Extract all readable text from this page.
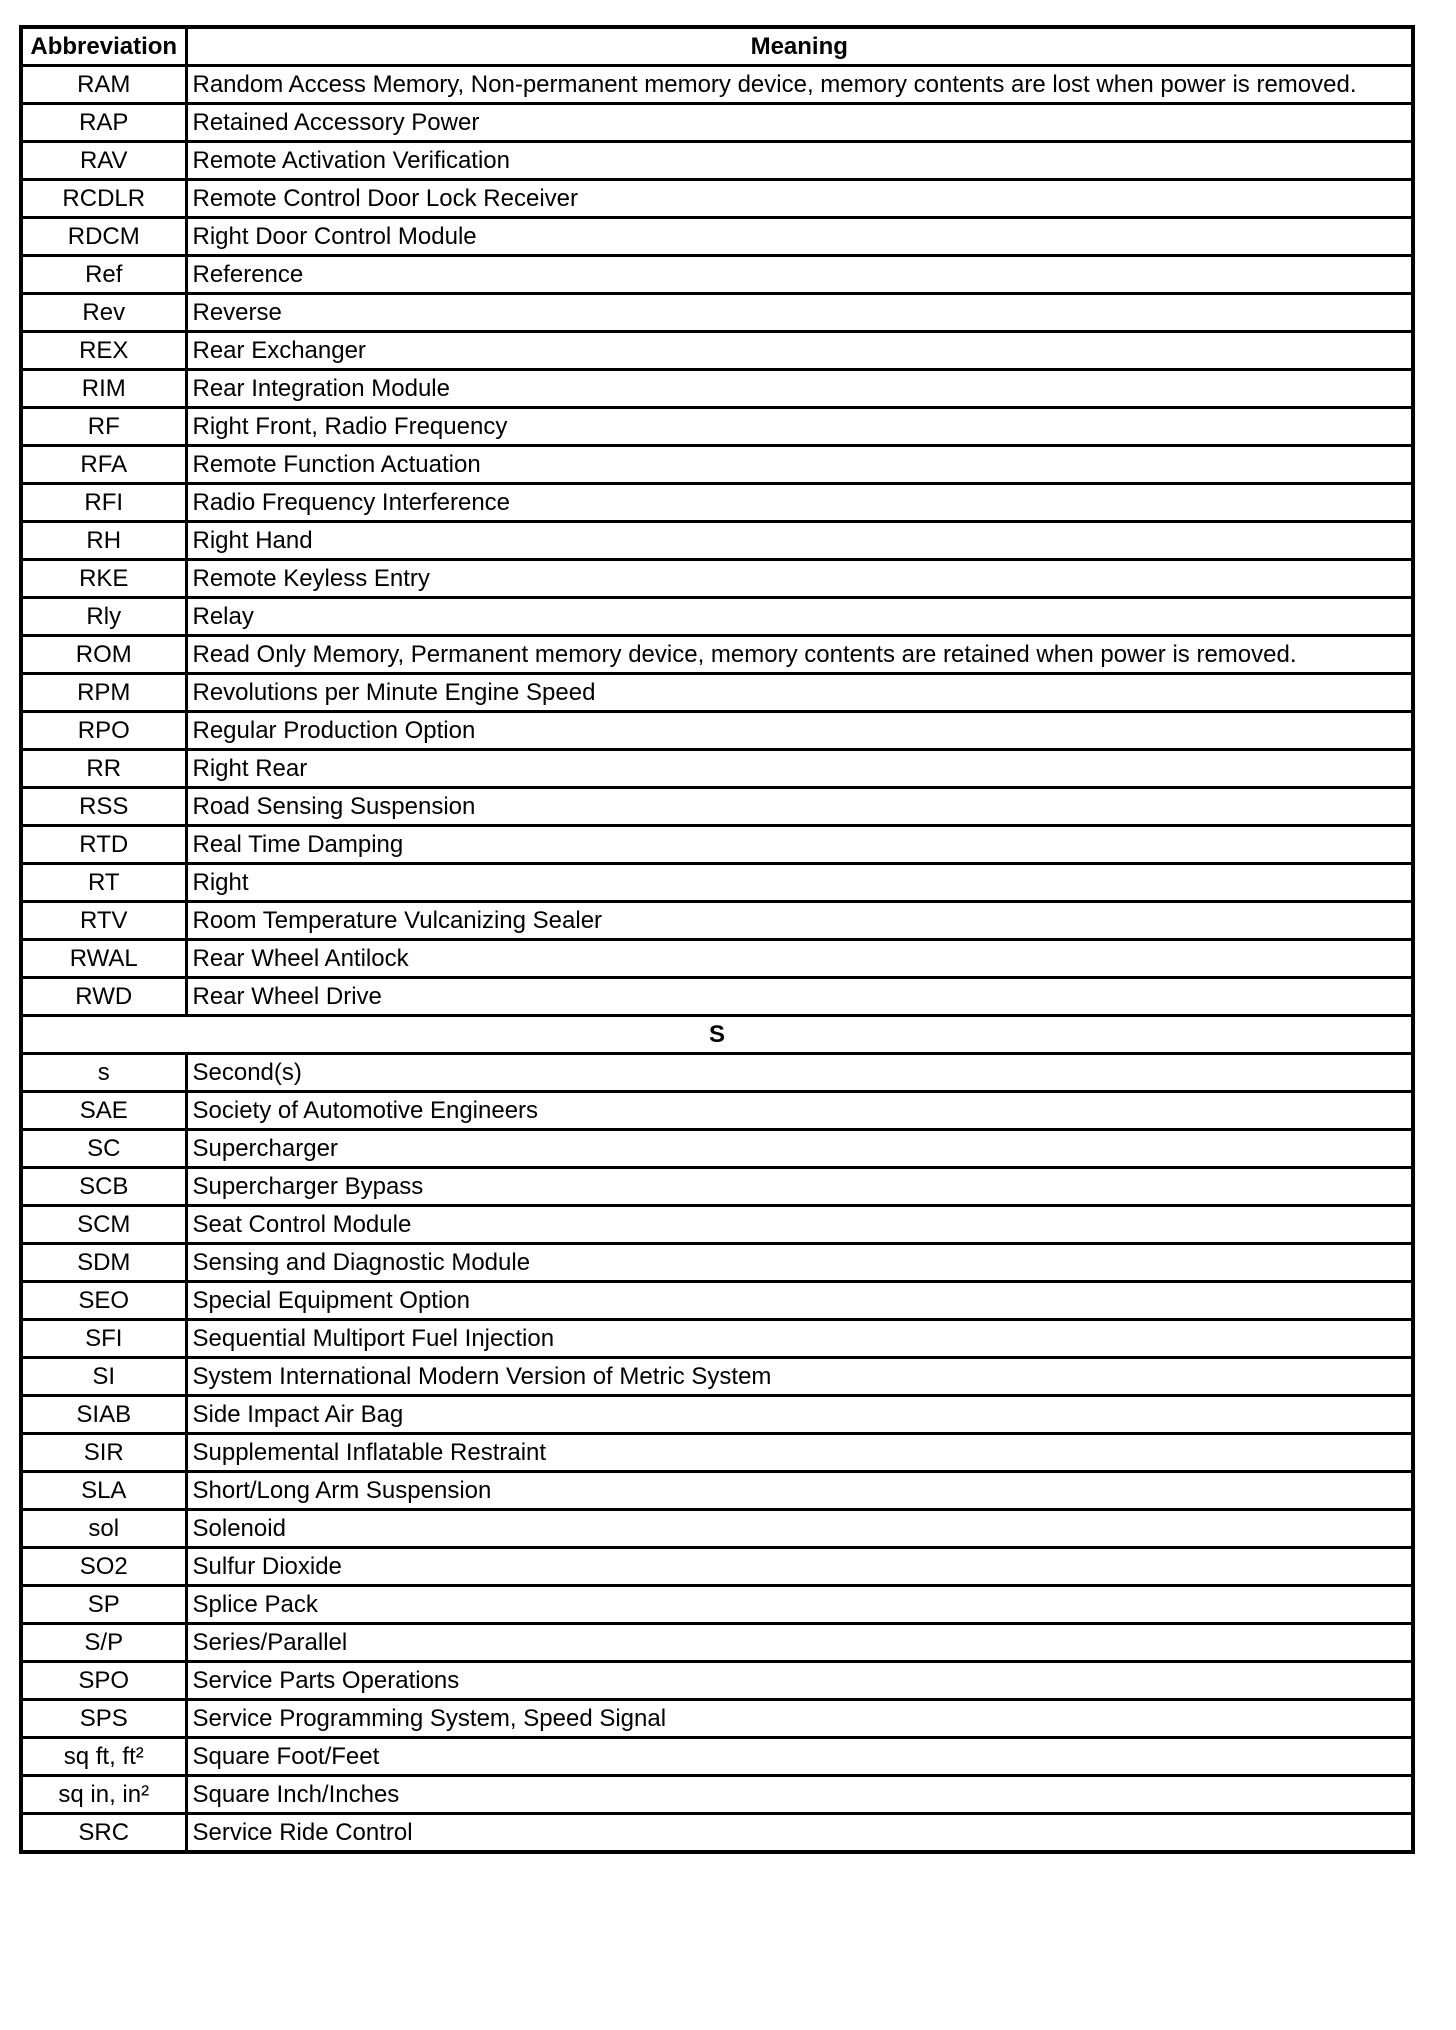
Abbreviation	Meaning
RAM	Random Access Memory, Non-permanent memory device, memory contents are lost when power is removed.
RAP	Retained Accessory Power
RAV	Remote Activation Verification
RCDLR	Remote Control Door Lock Receiver
RDCM	Right Door Control Module
Ref	Reference
Rev	Reverse
REX	Rear Exchanger
RIM	Rear Integration Module
RF	Right Front, Radio Frequency
RFA	Remote Function Actuation
RFI	Radio Frequency Interference
RH	Right Hand
RKE	Remote Keyless Entry
Rly	Relay
ROM	Read Only Memory, Permanent memory device, memory contents are retained when power is removed.
RPM	Revolutions per Minute Engine Speed
RPO	Regular Production Option
RR	Right Rear
RSS	Road Sensing Suspension
RTD	Real Time Damping
RT	Right
RTV	Room Temperature Vulcanizing Sealer
RWAL	Rear Wheel Antilock
RWD	Rear Wheel Drive
S	
s	Second(s)
SAE	Society of Automotive Engineers
SC	Supercharger
SCB	Supercharger Bypass
SCM	Seat Control Module
SDM	Sensing and Diagnostic Module
SEO	Special Equipment Option
SFI	Sequential Multiport Fuel Injection
SI	System International Modern Version of Metric System
SIAB	Side Impact Air Bag
SIR	Supplemental Inflatable Restraint
SLA	Short/Long Arm Suspension
sol	Solenoid
SO2	Sulfur Dioxide
SP	Splice Pack
S/P	Series/Parallel
SPO	Service Parts Operations
SPS	Service Programming System, Speed Signal
sq ft, ft²	Square Foot/Feet
sq in, in²	Square Inch/Inches
SRC	Service Ride Control
